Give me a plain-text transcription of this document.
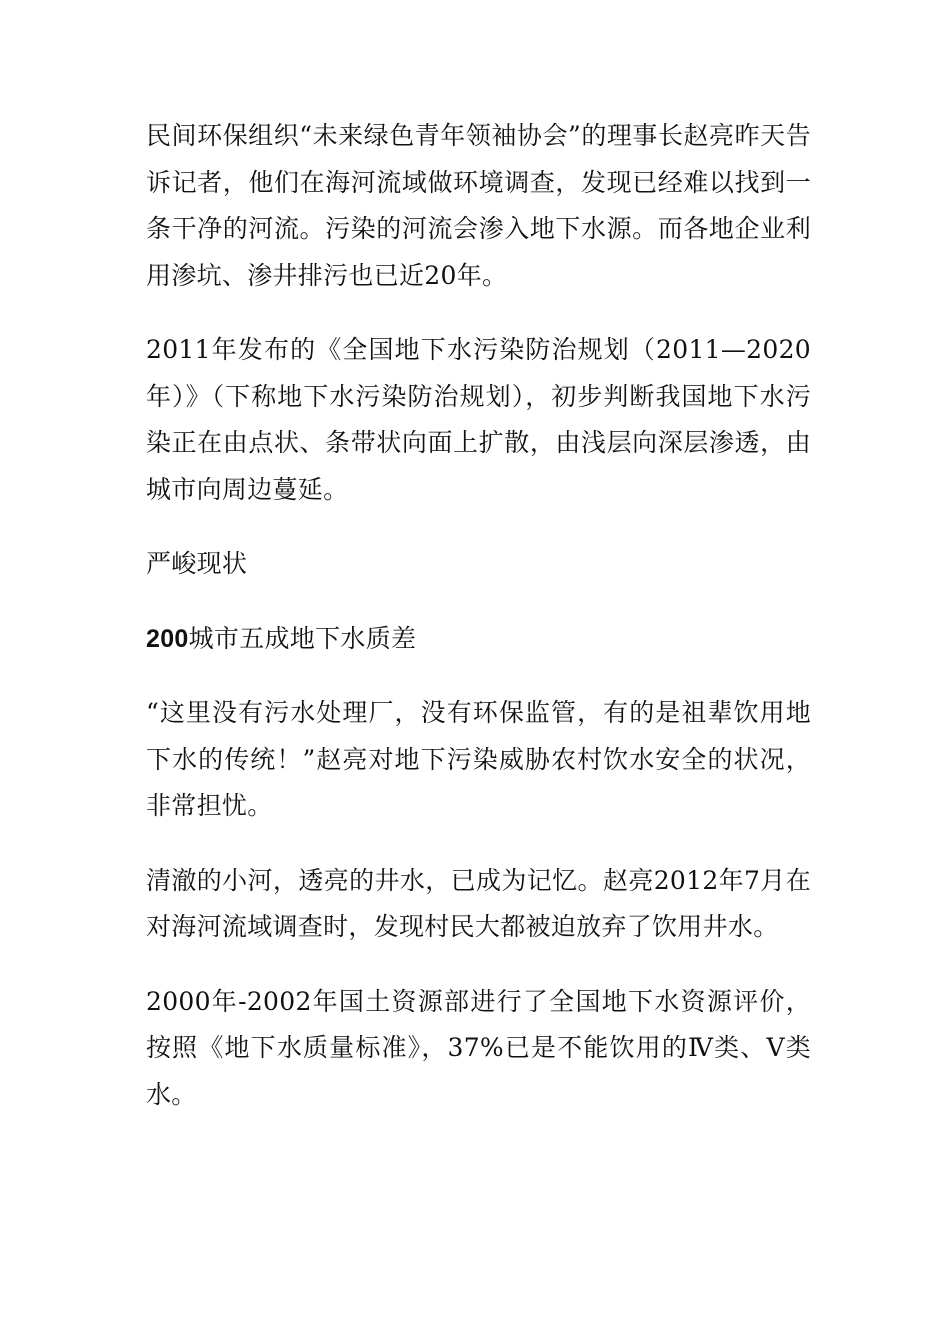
民间环保组织“未来绿色青年领袖协会”的理事长赵亮昨天告诉记者，他们在海河流域做环境调查，发现已经难以找到一条干净的河流。污染的河流会渗入地下水源。而各地企业利用渗坑、渗井排污也已近20年。

2011年发布的《全国地下水污染防治规划（2011—2020年）》（下称地下水污染防治规划），初步判断我国地下水污染正在由点状、条带状向面上扩散，由浅层向深层渗透，由城市向周边蔓延。

严峻现状

200城市五成地下水质差

“这里没有污水处理厂，没有环保监管，有的是祖辈饮用地下水的传统！”赵亮对地下污染威胁农村饮水安全的状况，非常担忧。

清澈的小河，透亮的井水，已成为记忆。赵亮2012年7月在对海河流域调查时，发现村民大都被迫放弃了饮用井水。

2000年-2002年国土资源部进行了全国地下水资源评价，按照《地下水质量标准》，37%已是不能饮用的Ⅳ类、Ⅴ类水。
